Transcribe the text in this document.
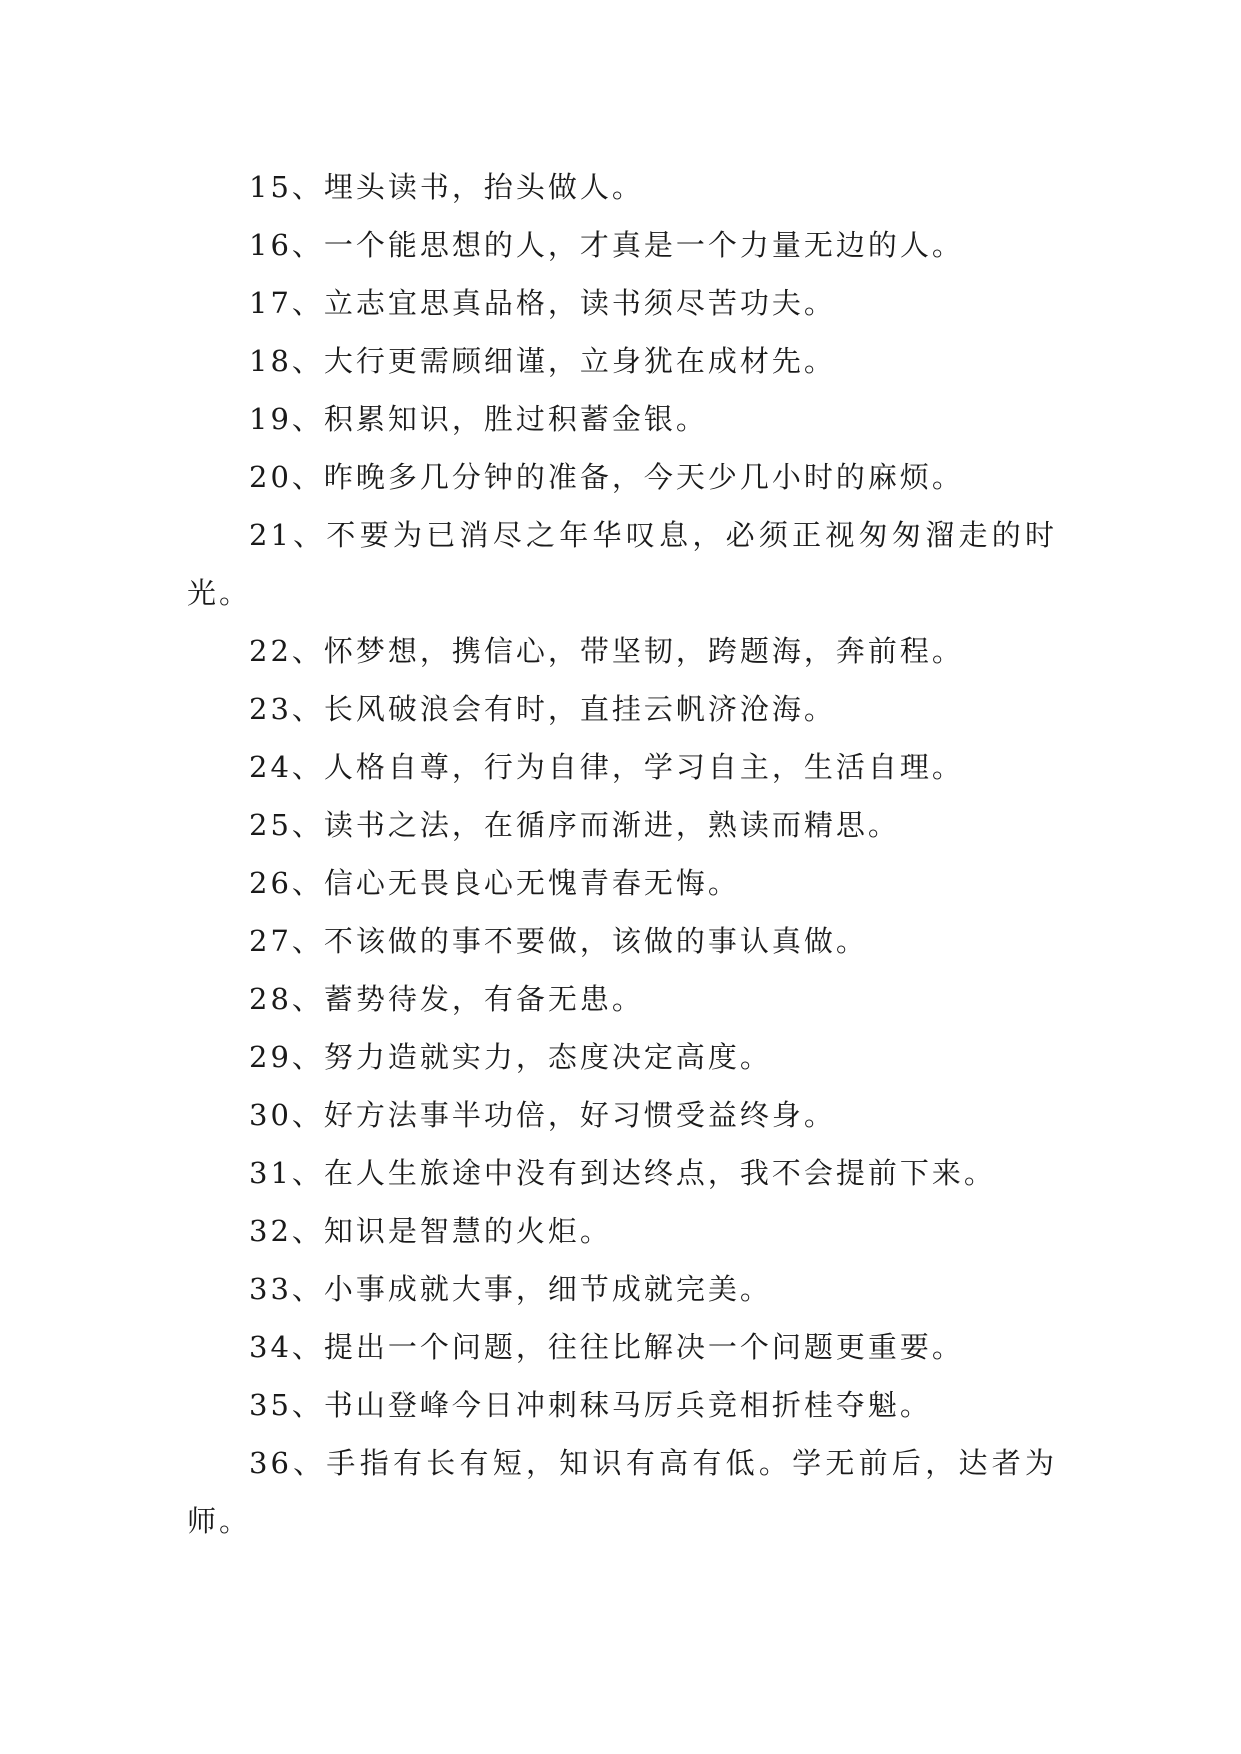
15、埋头读书，抬头做人。

16、一个能思想的人，才真是一个力量无边的人。

17、立志宜思真品格，读书须尽苦功夫。

18、大行更需顾细谨，立身犹在成材先。

19、积累知识，胜过积蓄金银。

20、昨晚多几分钟的准备，今天少几小时的麻烦。

21、不要为已消尽之年华叹息，必须正视匆匆溜走的时光。

22、怀梦想，携信心，带坚韧，跨题海，奔前程。

23、长风破浪会有时，直挂云帆济沧海。

24、人格自尊，行为自律，学习自主，生活自理。

25、读书之法，在循序而渐进，熟读而精思。

26、信心无畏良心无愧青春无悔。

27、不该做的事不要做，该做的事认真做。

28、蓄势待发，有备无患。

29、努力造就实力，态度决定高度。

30、好方法事半功倍，好习惯受益终身。

31、在人生旅途中没有到达终点，我不会提前下来。

32、知识是智慧的火炬。

33、小事成就大事，细节成就完美。

34、提出一个问题，往往比解决一个问题更重要。

35、书山登峰今日冲刺秣马厉兵竞相折桂夺魁。

36、手指有长有短，知识有高有低。学无前后，达者为师。
